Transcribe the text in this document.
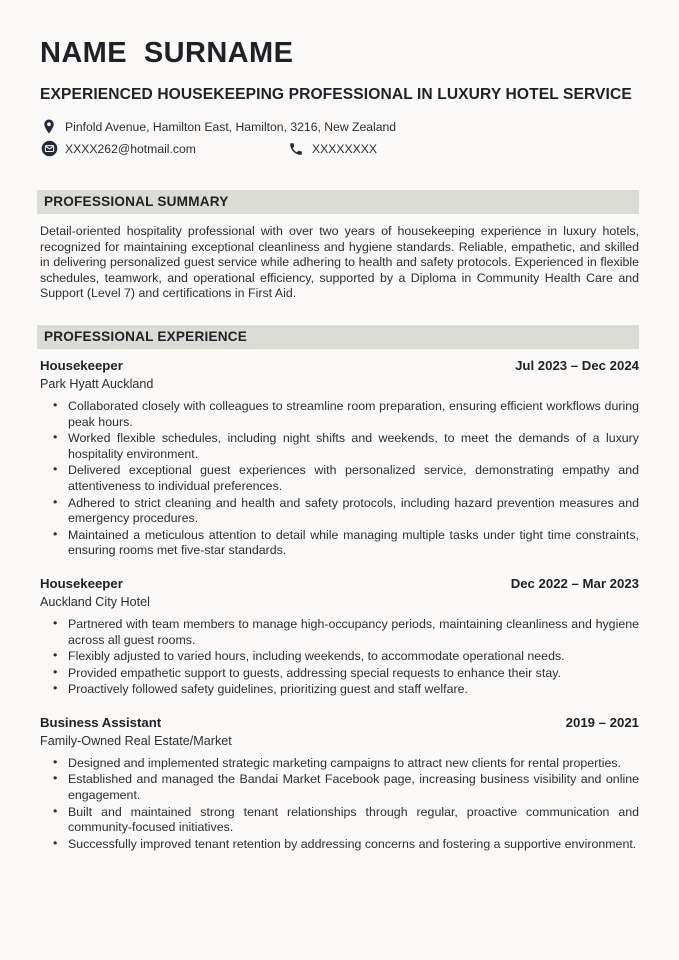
NAME  SURNAME
EXPERIENCED HOUSEKEEPING PROFESSIONAL IN LUXURY HOTEL SERVICE
Pinfold Avenue, Hamilton East, Hamilton, 3216, New Zealand
XXXX262@hotmail.com	XXXXXXXX
PROFESSIONAL SUMMARY

Detail-oriented hospitality professional with over two years of housekeeping experience in luxury hotels, recognized for maintaining exceptional cleanliness and hygiene standards. Reliable, empathetic, and skilled in delivering personalized guest service while adhering to health and safety protocols. Experienced in flexible schedules, teamwork, and operational efficiency, supported by a Diploma in Community Health Care and Support (Level 7) and certifications in First Aid.

PROFESSIONAL EXPERIENCE
Housekeeper	Jul 2023 – Dec 2024
Park Hyatt Auckland
• Collaborated closely with colleagues to streamline room preparation, ensuring efficient workflows during peak hours.
• Worked flexible schedules, including night shifts and weekends, to meet the demands of a luxury hospitality environment.
• Delivered exceptional guest experiences with personalized service, demonstrating empathy and attentiveness to individual preferences.
• Adhered to strict cleaning and health and safety protocols, including hazard prevention measures and emergency procedures.
• Maintained a meticulous attention to detail while managing multiple tasks under tight time constraints, ensuring rooms met five-star standards.
Housekeeper	Dec 2022 – Mar 2023
Auckland City Hotel
• Partnered with team members to manage high-occupancy periods, maintaining cleanliness and hygiene across all guest rooms.
• Flexibly adjusted to varied hours, including weekends, to accommodate operational needs.
• Provided empathetic support to guests, addressing special requests to enhance their stay.
• Proactively followed safety guidelines, prioritizing guest and staff welfare.
Business Assistant	2019 – 2021
Family-Owned Real Estate/Market
• Designed and implemented strategic marketing campaigns to attract new clients for rental properties.
• Established and managed the Bandai Market Facebook page, increasing business visibility and online engagement.
• Built and maintained strong tenant relationships through regular, proactive communication and community-focused initiatives.
• Successfully improved tenant retention by addressing concerns and fostering a supportive environment.
